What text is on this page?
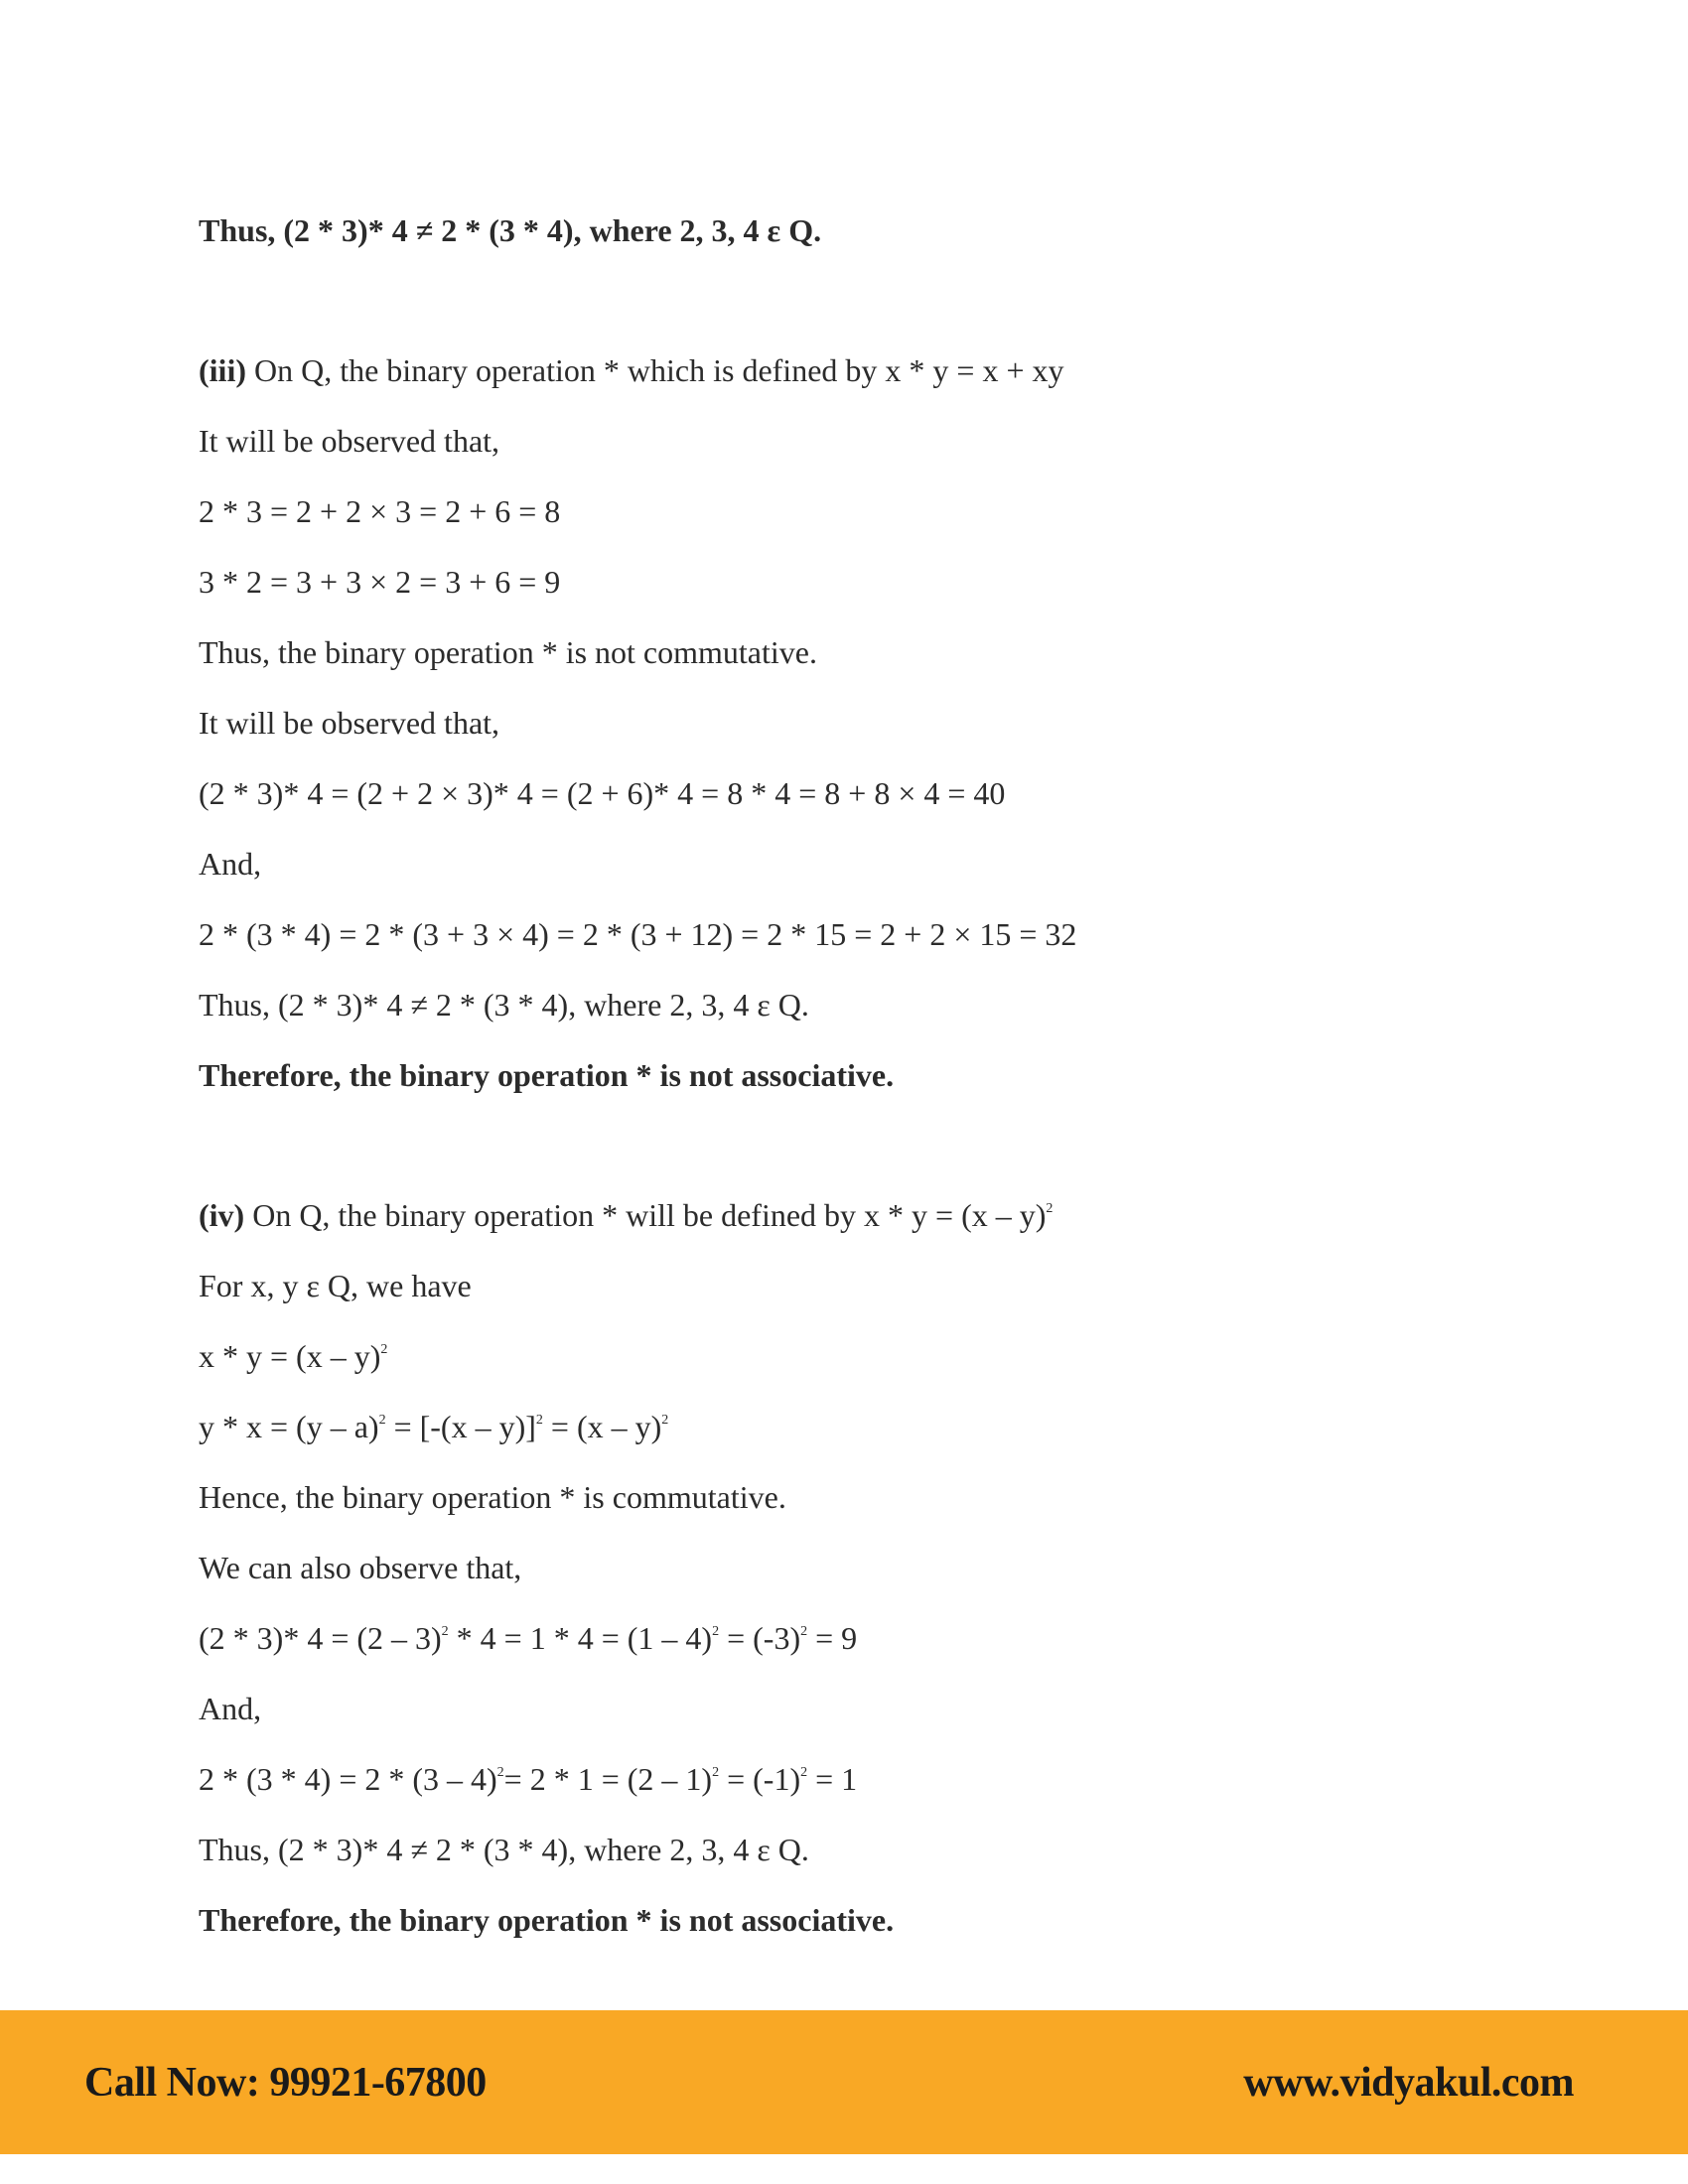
Thus, (2 * 3)* 4 ≠ 2 * (3 * 4), where 2, 3, 4 ε Q.
(iii) On Q, the binary operation * which is defined by x * y = x + xy
It will be observed that,
2 * 3 = 2 + 2 × 3 = 2 + 6 = 8
3 * 2 = 3 + 3 × 2 = 3 + 6 = 9
Thus, the binary operation * is not commutative.
It will be observed that,
(2 * 3)* 4 = (2 + 2 × 3)* 4 = (2 + 6)* 4 = 8 * 4 = 8 + 8 × 4 = 40
And,
2 * (3 * 4) = 2 * (3 + 3 × 4) = 2 * (3 + 12) = 2 * 15 = 2 + 2 × 15 = 32
Thus, (2 * 3)* 4 ≠ 2 * (3 * 4), where 2, 3, 4 ε Q.
Therefore, the binary operation * is not associative.
(iv) On Q, the binary operation * will be defined by x * y = (x – y)$^2$
For x, y ε Q, we have
x * y = (x – y)$^2$
y * x = (y – a)$^2$ = [-(x – y)]$^2$ = (x – y)$^2$
Hence, the binary operation * is commutative.
We can also observe that,
(2 * 3)* $4 = (2 - 3)^2 * 4 = 1 * 4 = (1 - 4)^2 = (-3)^2 = 9$
And,
$2 * (3 * 4) = 2 * (3 - 4)^2= 2 * 1 = (2 - 1)^2 = (-1)^2 = 1$
Thus, (2 * 3)* 4 ≠ 2 * (3 * 4), where 2, 3, 4 ε Q.
Therefore, the binary operation * is not associative.
Call Now: 99921-67800	www.vidyakul.com
